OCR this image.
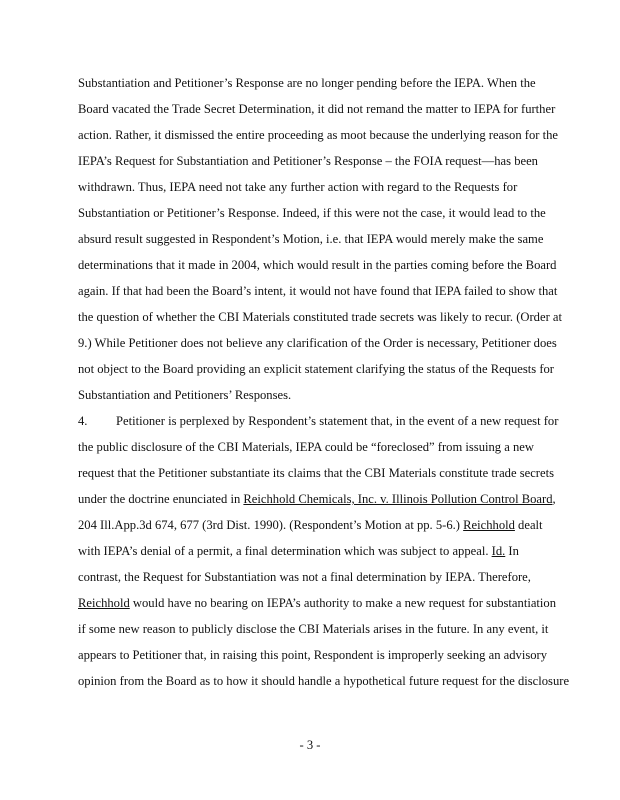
Substantiation and Petitioner’s Response are no longer pending before the IEPA. When the
Board vacated the Trade Secret Determination, it did not remand the matter to IEPA for further
action. Rather, it dismissed the entire proceeding as moot because the underlying reason for the
IEPA’s Request for Substantiation and Petitioner’s Response – the FOIA request—has been
withdrawn. Thus, IEPA need not take any further action with regard to the Requests for
Substantiation or Petitioner’s Response. Indeed, if this were not the case, it would lead to the
absurd result suggested in Respondent’s Motion, i.e. that IEPA would merely make the same
determinations that it made in 2004, which would result in the parties coming before the Board
again. If that had been the Board’s intent, it would not have found that IEPA failed to show that
the question of whether the CBI Materials constituted trade secrets was likely to recur. (Order at
9.) While Petitioner does not believe any clarification of the Order is necessary, Petitioner does
not object to the Board providing an explicit statement clarifying the status of the Requests for
Substantiation and Petitioners’ Responses.
4. Petitioner is perplexed by Respondent’s statement that, in the event of a new request for
the public disclosure of the CBI Materials, IEPA could be “foreclosed” from issuing a new
request that the Petitioner substantiate its claims that the CBI Materials constitute trade secrets
under the doctrine enunciated in Reichhold Chemicals, Inc. v. Illinois Pollution Control Board,
204 Ill.App.3d 674, 677 (3rd Dist. 1990). (Respondent’s Motion at pp. 5-6.) Reichhold dealt
with IEPA’s denial of a permit, a final determination which was subject to appeal. Id. In
contrast, the Request for Substantiation was not a final determination by IEPA. Therefore,
Reichhold would have no bearing on IEPA’s authority to make a new request for substantiation
if some new reason to publicly disclose the CBI Materials arises in the future. In any event, it
appears to Petitioner that, in raising this point, Respondent is improperly seeking an advisory
opinion from the Board as to how it should handle a hypothetical future request for the disclosure
- 3 -
